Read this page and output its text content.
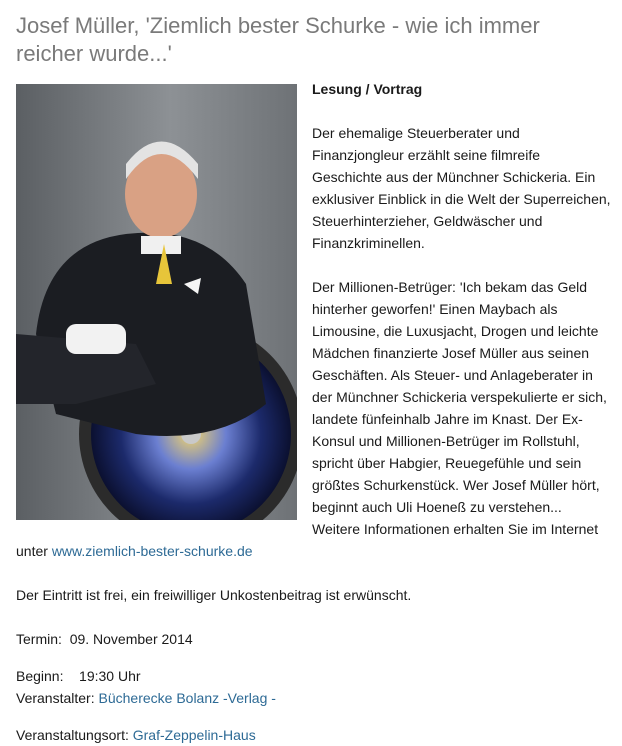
Josef Müller, 'Ziemlich bester Schurke - wie ich immer reicher wurde...'

Lesung / Vortrag

Der ehemalige Steuerberater und Finanzjongleur erzählt seine filmreife Geschichte aus der Münchner Schickeria. Ein exklusiver Einblick in die Welt der Superreichen, Steuerhinterzieher, Geldwäscher und Finanzkriminellen.

Der Millionen-Betrüger: 'Ich bekam das Geld hinterher geworfen!' Einen Maybach als Limousine, die Luxusjacht, Drogen und leichte Mädchen finanzierte Josef Müller aus seinen Geschäften. Als Steuer- und Anlageberater in der Münchner Schickeria verspekulierte er sich, landete fünfeinhalb Jahre im Knast. Der Ex-Konsul und Millionen-Betrüger im Rollstuhl, spricht über Habgier, Reuegefühle und sein größtes Schurkenstück. Wer Josef Müller hört, beginnt auch Uli Hoeneß zu verstehen... Weitere Informationen erhalten Sie im Internet unter www.ziemlich-bester-schurke.de

Der Eintritt ist frei, ein freiwilliger Unkostenbeitrag ist erwünscht.

Termin: 09. November 2014

Beginn: 19:30 Uhr

Veranstalter: Bücherecke Bolanz -Verlag -

Veranstaltungsort: Graf-Zeppelin-Haus
